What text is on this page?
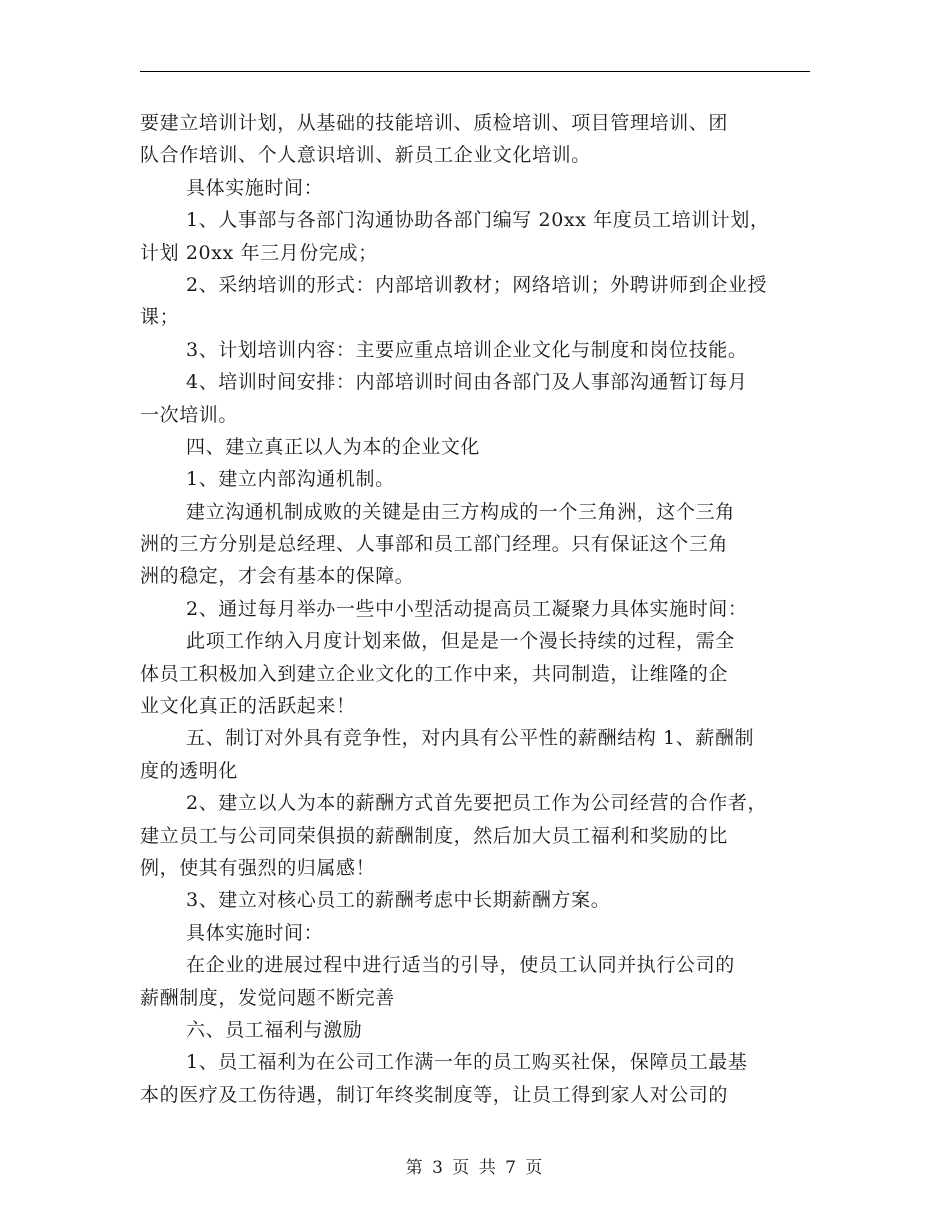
要建立培训计划，从基础的技能培训、质检培训、项目管理培训、团
队合作培训、个人意识培训、新员工企业文化培训。
具体实施时间：
1、人事部与各部门沟通协助各部门编写 20xx 年度员工培训计划，
计划 20xx 年三月份完成；
2、采纳培训的形式：内部培训教材；网络培训；外聘讲师到企业授
课；
3、计划培训内容：主要应重点培训企业文化与制度和岗位技能。
4、培训时间安排：内部培训时间由各部门及人事部沟通暂订每月
一次培训。
四、建立真正以人为本的企业文化
1、建立内部沟通机制。
建立沟通机制成败的关键是由三方构成的一个三角洲，这个三角
洲的三方分别是总经理、人事部和员工部门经理。只有保证这个三角
洲的稳定，才会有基本的保障。
2、通过每月举办一些中小型活动提高员工凝聚力具体实施时间：
此项工作纳入月度计划来做，但是是一个漫长持续的过程，需全
体员工积极加入到建立企业文化的工作中来，共同制造，让维隆的企
业文化真正的活跃起来！
五、制订对外具有竞争性，对内具有公平性的薪酬结构 1、薪酬制
度的透明化
2、建立以人为本的薪酬方式首先要把员工作为公司经营的合作者，
建立员工与公司同荣俱损的薪酬制度，然后加大员工福利和奖励的比
例，使其有强烈的归属感！
3、建立对核心员工的薪酬考虑中长期薪酬方案。
具体实施时间：
在企业的进展过程中进行适当的引导，使员工认同并执行公司的
薪酬制度，发觉问题不断完善
六、员工福利与激励
1、员工福利为在公司工作满一年的员工购买社保，保障员工最基
本的医疗及工伤待遇，制订年终奖制度等，让员工得到家人对公司的
第 3 页 共 7 页
